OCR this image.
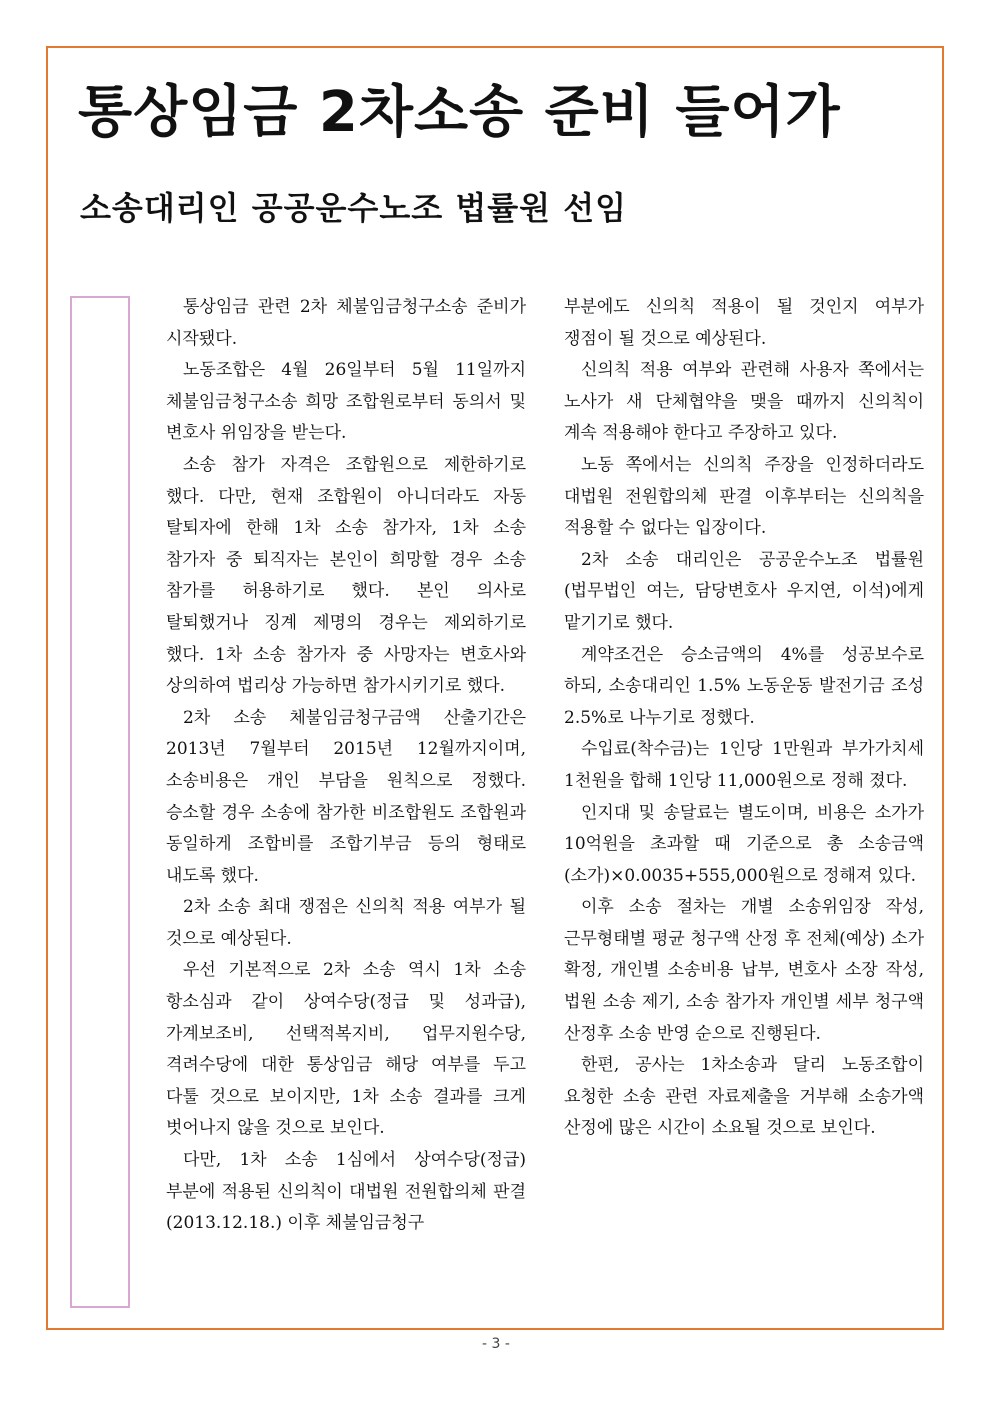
통상임금 2차소송 준비 들어가
소송대리인 공공운수노조 법률원 선임

통상임금 관련 2차 체불임금청구소송 준비가 시작됐다.

노동조합은 4월 26일부터 5월 11일까지 체불임금청구소송 희망 조합원로부터 동의서 및 변호사 위임장을 받는다.

소송 참가 자격은 조합원으로 제한하기로 했다. 다만, 현재 조합원이 아니더라도 자동 탈퇴자에 한해 1차 소송 참가자, 1차 소송 참가자 중 퇴직자는 본인이 희망할 경우 소송 참가를 허용하기로 했다. 본인 의사로 탈퇴했거나 징계 제명의 경우는 제외하기로 했다. 1차 소송 참가자 중 사망자는 변호사와 상의하여 법리상 가능하면 참가시키기로 했다.

2차 소송 체불임금청구금액 산출기간은 2013년 7월부터 2015년 12월까지이며, 소송비용은 개인 부담을 원칙으로 정했다. 승소할 경우 소송에 참가한 비조합원도 조합원과 동일하게 조합비를 조합기부금 등의 형태로 내도록 했다.

2차 소송 최대 쟁점은 신의칙 적용 여부가 될 것으로 예상된다.

우선 기본적으로 2차 소송 역시 1차 소송 항소심과 같이 상여수당(정급 및 성과급), 가계보조비, 선택적복지비, 업무지원수당, 격려수당에 대한 통상임금 해당 여부를 두고 다툴 것으로 보이지만, 1차 소송 결과를 크게 벗어나지 않을 것으로 보인다.

다만, 1차 소송 1심에서 상여수당(정급) 부분에 적용된 신의칙이 대법원 전원합의체 판결(2013.12.18.) 이후 체불임금청구

부분에도 신의칙 적용이 될 것인지 여부가 쟁점이 될 것으로 예상된다.

신의칙 적용 여부와 관련해 사용자 쪽에서는 노사가 새 단체협약을 맺을 때까지 신의칙이 계속 적용해야 한다고 주장하고 있다.

노동 쪽에서는 신의칙 주장을 인정하더라도 대법원 전원합의체 판결 이후부터는 신의칙을 적용할 수 없다는 입장이다.

2차 소송 대리인은 공공운수노조 법률원(법무법인 여는, 담당변호사 우지연, 이석)에게 맡기기로 했다.

계약조건은 승소금액의 4%를 성공보수로 하되, 소송대리인 1.5% 노동운동 발전기금 조성 2.5%로 나누기로 정했다.

수입료(착수금)는 1인당 1만원과 부가가치세 1천원을 합해 1인당 11,000원으로 정해 졌다.

인지대 및 송달료는 별도이며, 비용은 소가가 10억원을 초과할 때 기준으로 총 소송금액(소가)×0.0035+555,000원으로 정해져 있다.

이후 소송 절차는 개별 소송위임장 작성, 근무형태별 평균 청구액 산정 후 전체(예상) 소가 확정, 개인별 소송비용 납부, 변호사 소장 작성, 법원 소송 제기, 소송 참가자 개인별 세부 청구액 산정후 소송 반영 순으로 진행된다.

한편, 공사는 1차소송과 달리 노동조합이 요청한 소송 관련 자료제출을 거부해 소송가액 산정에 많은 시간이 소요될 것으로 보인다.

- 3 -
